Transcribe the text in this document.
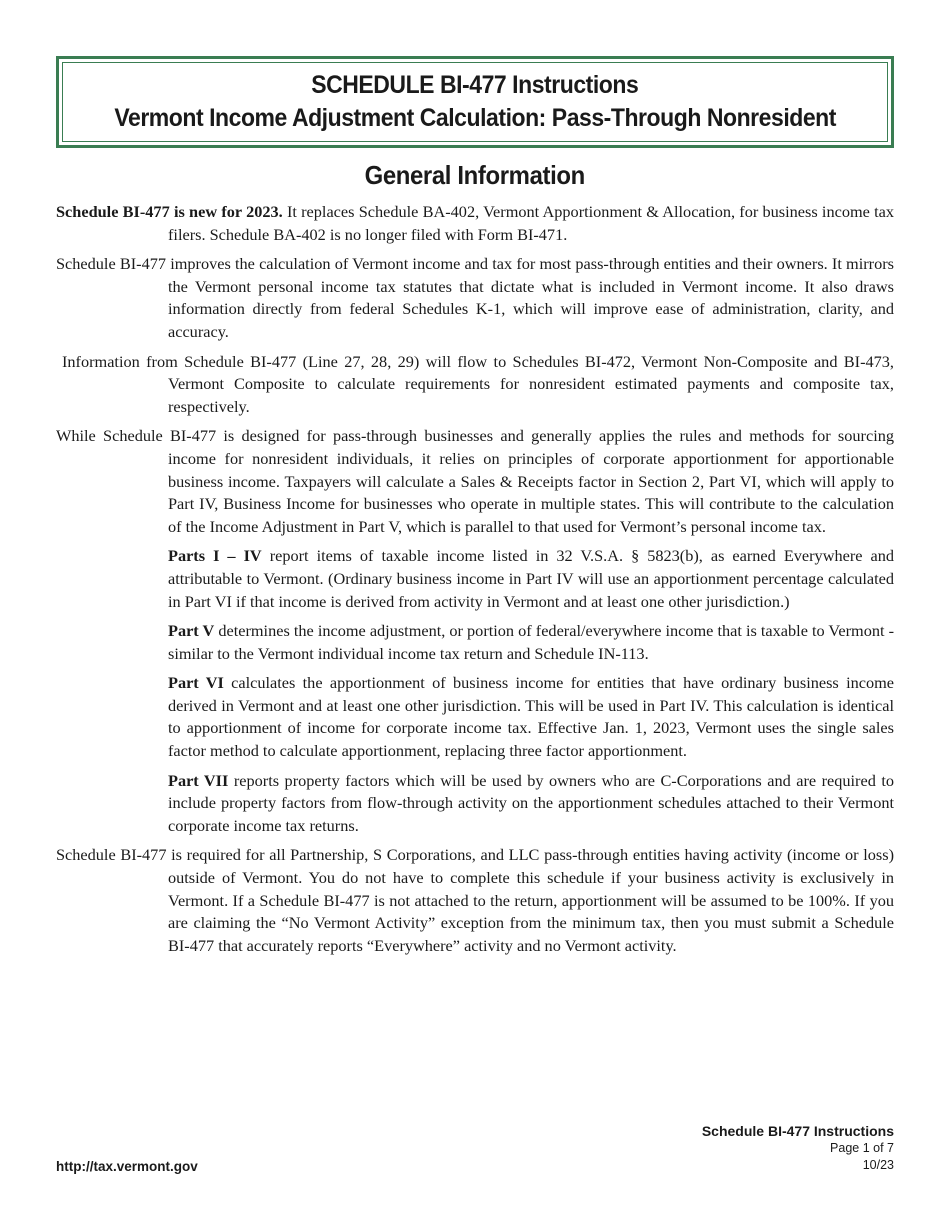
SCHEDULE BI-477 Instructions
Vermont Income Adjustment Calculation: Pass-Through Nonresident
General Information

Schedule BI-477 is new for 2023. It replaces Schedule BA-402, Vermont Apportionment & Allocation, for business income tax filers. Schedule BA-402 is no longer filed with Form BI-471.

Schedule BI-477 improves the calculation of Vermont income and tax for most pass-through entities and their owners. It mirrors the Vermont personal income tax statutes that dictate what is included in Vermont income. It also draws information directly from federal Schedules K-1, which will improve ease of administration, clarity, and accuracy.

Information from Schedule BI-477 (Line 27, 28, 29) will flow to Schedules BI-472, Vermont Non-Composite and BI-473, Vermont Composite to calculate requirements for nonresident estimated payments and composite tax, respectively.

While Schedule BI-477 is designed for pass-through businesses and generally applies the rules and methods for sourcing income for nonresident individuals, it relies on principles of corporate apportionment for apportionable business income. Taxpayers will calculate a Sales & Receipts factor in Section 2, Part VI, which will apply to Part IV, Business Income for businesses who operate in multiple states. This will contribute to the calculation of the Income Adjustment in Part V, which is parallel to that used for Vermont’s personal income tax.

Parts I – IV report items of taxable income listed in 32 V.S.A. § 5823(b), as earned Everywhere and attributable to Vermont. (Ordinary business income in Part IV will use an apportionment percentage calculated in Part VI if that income is derived from activity in Vermont and at least one other jurisdiction.)

Part V determines the income adjustment, or portion of federal/everywhere income that is taxable to Vermont - similar to the Vermont individual income tax return and Schedule IN-113.

Part VI calculates the apportionment of business income for entities that have ordinary business income derived in Vermont and at least one other jurisdiction. This will be used in Part IV. This calculation is identical to apportionment of income for corporate income tax. Effective Jan. 1, 2023, Vermont uses the single sales factor method to calculate apportionment, replacing three factor apportionment.

Part VII reports property factors which will be used by owners who are C-Corporations and are required to include property factors from flow-through activity on the apportionment schedules attached to their Vermont corporate income tax returns.

Schedule BI-477 is required for all Partnership, S Corporations, and LLC pass-through entities having activity (income or loss) outside of Vermont. You do not have to complete this schedule if your business activity is exclusively in Vermont. If a Schedule BI-477 is not attached to the return, apportionment will be assumed to be 100%. If you are claiming the “No Vermont Activity” exception from the minimum tax, then you must submit a Schedule BI-477 that accurately reports “Everywhere” activity and no Vermont activity.

Schedule BI-477 Instructions
Page 1 of 7
10/23
http://tax.vermont.gov
